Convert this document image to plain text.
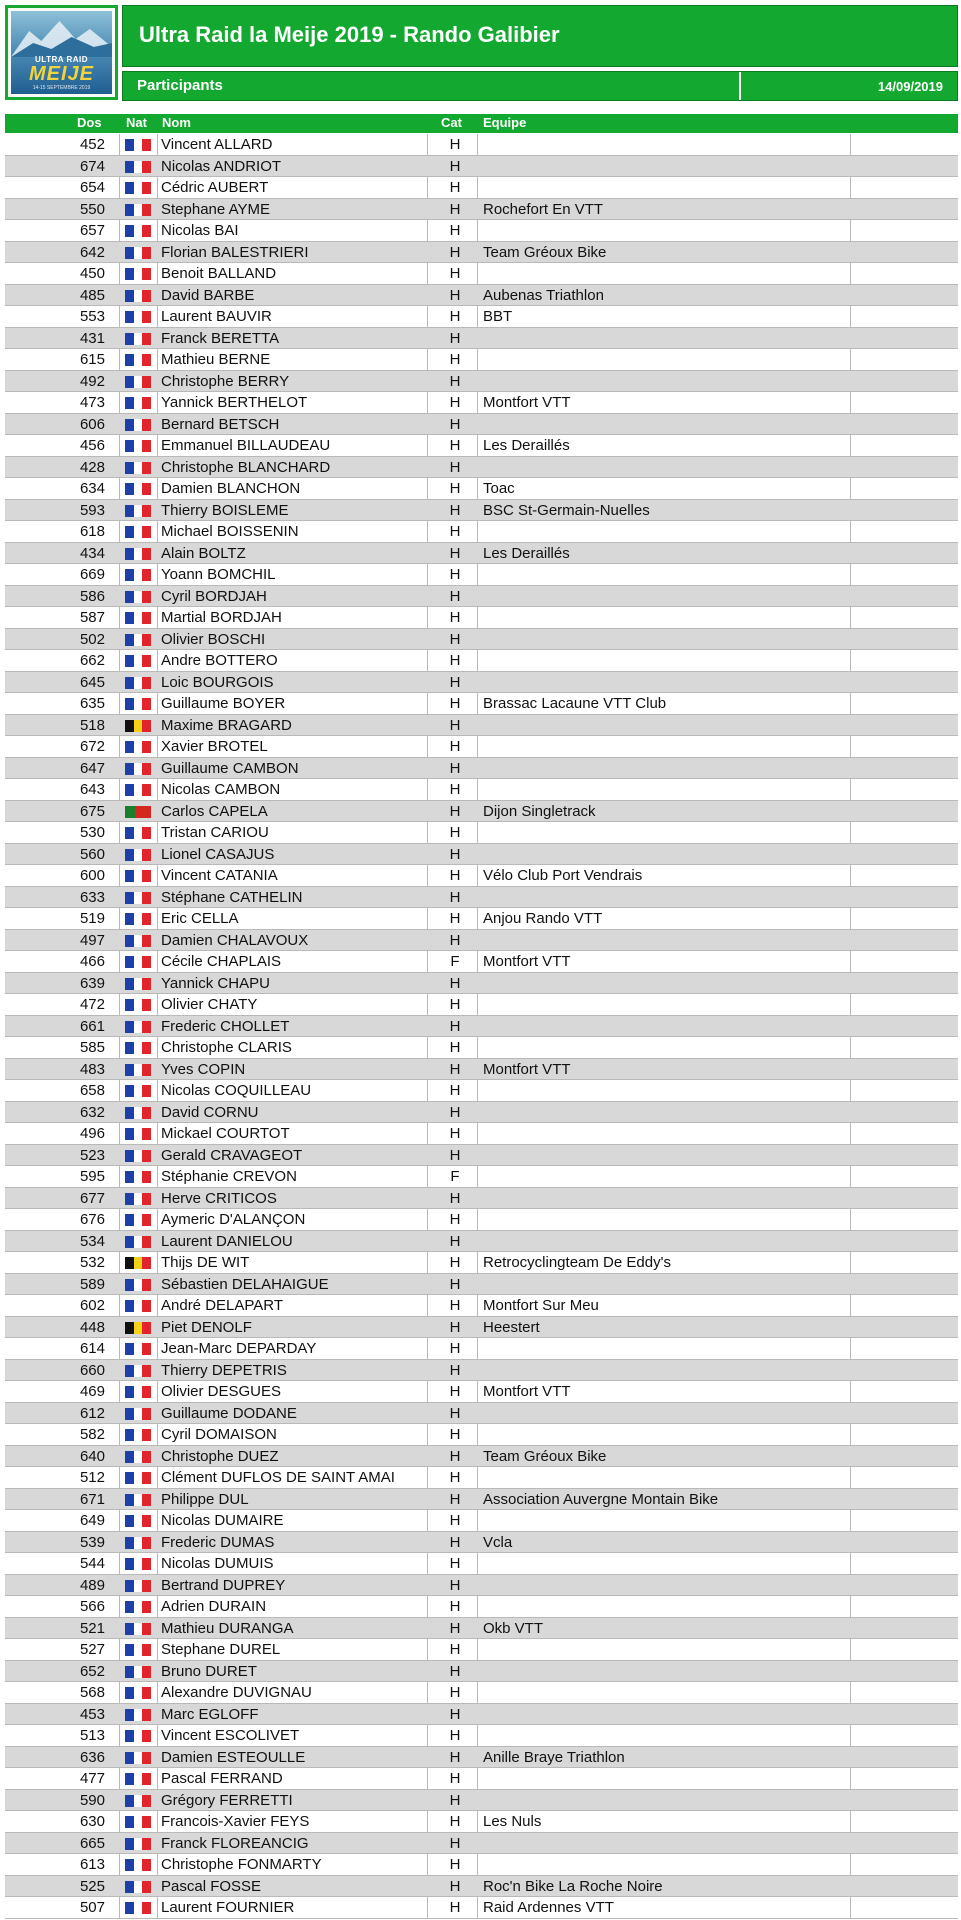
ULTRA RAID
MEIJE
14-15 SEPTEMBRE 2019
Ultra Raid la Meije 2019 - Rando Galibier
Participants	14/09/2019
Dos Nat Nom	Cat Equipe
452	Vincent ALLARD	H
674	Nicolas ANDRIOT	H
654	Cédric AUBERT	H
550	Stephane AYME	H	Rochefort En VTT
657	Nicolas BAI	H
642	Florian BALESTRIERI	H	Team Gréoux Bike
450	Benoit BALLAND	H
485	David BARBE	H	Aubenas Triathlon
553	Laurent BAUVIR	H	BBT
431	Franck BERETTA	H
615	Mathieu BERNE	H
492	Christophe BERRY	H
473	Yannick BERTHELOT	H	Montfort VTT
606	Bernard BETSCH	H
456	Emmanuel BILLAUDEAU	H	Les Deraillés
428	Christophe BLANCHARD	H
634	Damien BLANCHON	H	Toac
593	Thierry BOISLEME	H	BSC St-Germain-Nuelles
618	Michael BOISSENIN	H
434	Alain BOLTZ	H	Les Deraillés
669	Yoann BOMCHIL	H
586	Cyril BORDJAH	H
587	Martial BORDJAH	H
502	Olivier BOSCHI	H
662	Andre BOTTERO	H
645	Loic BOURGOIS	H
635	Guillaume BOYER	H	Brassac Lacaune VTT Club
518	Maxime BRAGARD	H
672	Xavier BROTEL	H
647	Guillaume CAMBON	H
643	Nicolas CAMBON	H
675	Carlos CAPELA	H	Dijon Singletrack
530	Tristan CARIOU	H
560	Lionel CASAJUS	H
600	Vincent CATANIA	H	Vélo Club Port Vendrais
633	Stéphane CATHELIN	H
519	Eric CELLA	H	Anjou Rando VTT
497	Damien CHALAVOUX	H
466	Cécile CHAPLAIS	F	Montfort VTT
639	Yannick CHAPU	H
472	Olivier CHATY	H
661	Frederic CHOLLET	H
585	Christophe CLARIS	H
483	Yves COPIN	H	Montfort VTT
658	Nicolas COQUILLEAU	H
632	David CORNU	H
496	Mickael COURTOT	H
523	Gerald CRAVAGEOT	H
595	Stéphanie CREVON	F
677	Herve CRITICOS	H
676	Aymeric D'ALANÇON	H
534	Laurent DANIELOU	H
532	Thijs DE WIT	H	Retrocyclingteam De Eddy's
589	Sébastien DELAHAIGUE	H
602	André DELAPART	H	Montfort Sur Meu
448	Piet DENOLF	H	Heestert
614	Jean-Marc DEPARDAY	H
660	Thierry DEPETRIS	H
469	Olivier DESGUES	H	Montfort VTT
612	Guillaume DODANE	H
582	Cyril DOMAISON	H
640	Christophe DUEZ	H	Team Gréoux Bike
512	Clément DUFLOS DE SAINT AMAI	H
671	Philippe DUL	H	Association Auvergne Montain Bike
649	Nicolas DUMAIRE	H
539	Frederic DUMAS	H	Vcla
544	Nicolas DUMUIS	H
489	Bertrand DUPREY	H
566	Adrien DURAIN	H
521	Mathieu DURANGA	H	Okb VTT
527	Stephane DUREL	H
652	Bruno DURET	H
568	Alexandre DUVIGNAU	H
453	Marc EGLOFF	H
513	Vincent ESCOLIVET	H
636	Damien ESTEOULLE	H	Anille Braye Triathlon
477	Pascal FERRAND	H
590	Grégory FERRETTI	H
630	Francois-Xavier FEYS	H	Les Nuls
665	Franck FLOREANCIG	H
613	Christophe FONMARTY	H
525	Pascal FOSSE	H	Roc'n Bike La Roche Noire
507	Laurent FOURNIER	H	Raid Ardennes VTT
